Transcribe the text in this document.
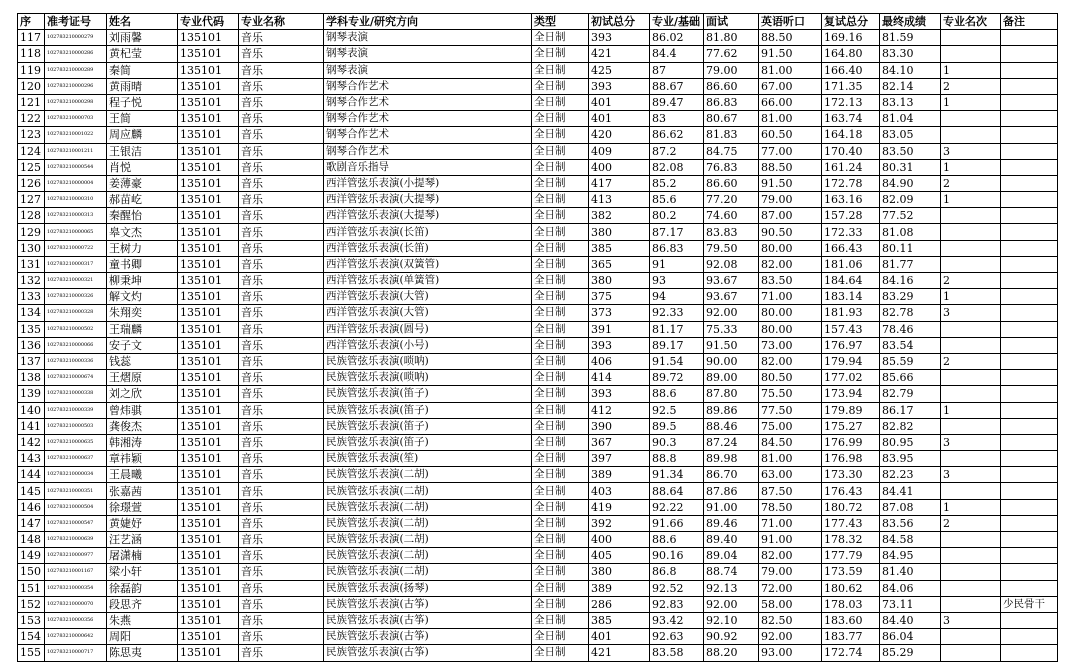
序	准考证号	姓名	专业代码	专业名称	学科专业/研究方向	类型	初试总分	专业/基础	面试	英语听口	复试总分	最终成绩	专业名次	备注
117	102783210000279	刘雨馨	135101	音乐	钢琴表演	全日制	393	86.02	81.80	88.50	169.16	81.59		
118	102783210000286	黄杞莹	135101	音乐	钢琴表演	全日制	421	84.4	77.62	91.50	164.80	83.30		
119	102783210000289	秦简	135101	音乐	钢琴表演	全日制	425	87	79.00	81.00	166.40	84.10	1	
120	102783210000296	黄雨晴	135101	音乐	钢琴合作艺术	全日制	393	88.67	86.60	67.00	171.35	82.14	2	
121	102783210000298	程子悦	135101	音乐	钢琴合作艺术	全日制	401	89.47	86.83	66.00	172.13	83.13	1	
122	102783210000703	王简	135101	音乐	钢琴合作艺术	全日制	401	83	80.67	81.00	163.74	81.04		
123	102783210001022	周应麟	135101	音乐	钢琴合作艺术	全日制	420	86.62	81.83	60.50	164.18	83.05		
124	102783210001211	王银洁	135101	音乐	钢琴合作艺术	全日制	409	87.2	84.75	77.00	170.40	83.50	3	
125	102783210000544	肖悦	135101	音乐	歌剧音乐指导	全日制	400	82.08	76.83	88.50	161.24	80.31	1	
126	102783210000004	姜薄豪	135101	音乐	西洋管弦乐表演(小提琴)	全日制	417	85.2	86.60	91.50	172.78	84.90	2	
127	102783210000310	郝苗屹	135101	音乐	西洋管弦乐表演(大提琴)	全日制	413	85.6	77.20	79.00	163.16	82.09	1	
128	102783210000313	秦醒怡	135101	音乐	西洋管弦乐表演(大提琴)	全日制	382	80.2	74.60	87.00	157.28	77.52		
129	102783210000065	皋文杰	135101	音乐	西洋管弦乐表演(长笛)	全日制	380	87.17	83.83	90.50	172.33	81.08		
130	102783210000722	王树力	135101	音乐	西洋管弦乐表演(长笛)	全日制	385	86.83	79.50	80.00	166.43	80.11		
131	102783210000317	童书卿	135101	音乐	西洋管弦乐表演(双簧管)	全日制	365	91	92.08	82.00	181.06	81.77		
132	102783210000321	柳秉坤	135101	音乐	西洋管弦乐表演(单簧管)	全日制	380	93	93.67	83.50	184.64	84.16	2	
133	102783210000326	解文灼	135101	音乐	西洋管弦乐表演(大管)	全日制	375	94	93.67	71.00	183.14	83.29	1	
134	102783210000328	朱翔奕	135101	音乐	西洋管弦乐表演(大管)	全日制	373	92.33	92.00	80.00	181.93	82.78	3	
135	102783210000502	王瑞麟	135101	音乐	西洋管弦乐表演(圆号)	全日制	391	81.17	75.33	80.00	157.43	78.46		
136	102783210000066	安子文	135101	音乐	西洋管弦乐表演(小号)	全日制	393	89.17	91.50	73.00	176.97	83.54		
137	102783210000336	钱蕊	135101	音乐	民族管弦乐表演(唢呐)	全日制	406	91.54	90.00	82.00	179.94	85.59	2	
138	102783210000674	王熠原	135101	音乐	民族管弦乐表演(唢呐)	全日制	414	89.72	89.00	80.50	177.02	85.66		
139	102783210000338	刘之欣	135101	音乐	民族管弦乐表演(笛子)	全日制	393	88.6	87.80	75.50	173.94	82.79		
140	102783210000339	曾炜骐	135101	音乐	民族管弦乐表演(笛子)	全日制	412	92.5	89.86	77.50	179.89	86.17	1	
141	102783210000503	龚俊杰	135101	音乐	民族管弦乐表演(笛子)	全日制	390	89.5	88.46	75.00	175.27	82.82		
142	102783210000635	韩湘涛	135101	音乐	民族管弦乐表演(笛子)	全日制	367	90.3	87.24	84.50	176.99	80.95	3	
143	102783210000637	章祎颖	135101	音乐	民族管弦乐表演(笙)	全日制	397	88.8	89.98	81.00	176.98	83.95		
144	102783210000034	王晨曦	135101	音乐	民族管弦乐表演(二胡)	全日制	389	91.34	86.70	63.00	173.30	82.23	3	
145	102783210000351	张嘉茜	135101	音乐	民族管弦乐表演(二胡)	全日制	403	88.64	87.86	87.50	176.43	84.41		
146	102783210000504	徐璟萱	135101	音乐	民族管弦乐表演(二胡)	全日制	419	92.22	91.00	78.50	180.72	87.08	1	
147	102783210000547	黄婕妤	135101	音乐	民族管弦乐表演(二胡)	全日制	392	91.66	89.46	71.00	177.43	83.56	2	
148	102783210000639	汪艺涵	135101	音乐	民族管弦乐表演(二胡)	全日制	400	88.6	89.40	91.00	178.32	84.58		
149	102783210000977	屠潇楠	135101	音乐	民族管弦乐表演(二胡)	全日制	405	90.16	89.04	82.00	177.79	84.95		
150	102783210001167	梁小轩	135101	音乐	民族管弦乐表演(二胡)	全日制	380	86.8	88.74	79.00	173.59	81.40		
151	102783210000354	徐磊韵	135101	音乐	民族管弦乐表演(扬琴)	全日制	389	92.52	92.13	72.00	180.62	84.06		
152	102783210000070	段思齐	135101	音乐	民族管弦乐表演(古筝)	全日制	286	92.83	92.00	58.00	178.03	73.11		少民骨干
153	102783210000356	朱燕	135101	音乐	民族管弦乐表演(古筝)	全日制	385	93.42	92.10	82.50	183.60	84.40	3	
154	102783210000642	周阳	135101	音乐	民族管弦乐表演(古筝)	全日制	401	92.63	90.92	92.00	183.77	86.04		
155	102783210000717	陈思夷	135101	音乐	民族管弦乐表演(古筝)	全日制	421	83.58	88.20	93.00	172.74	85.29		
